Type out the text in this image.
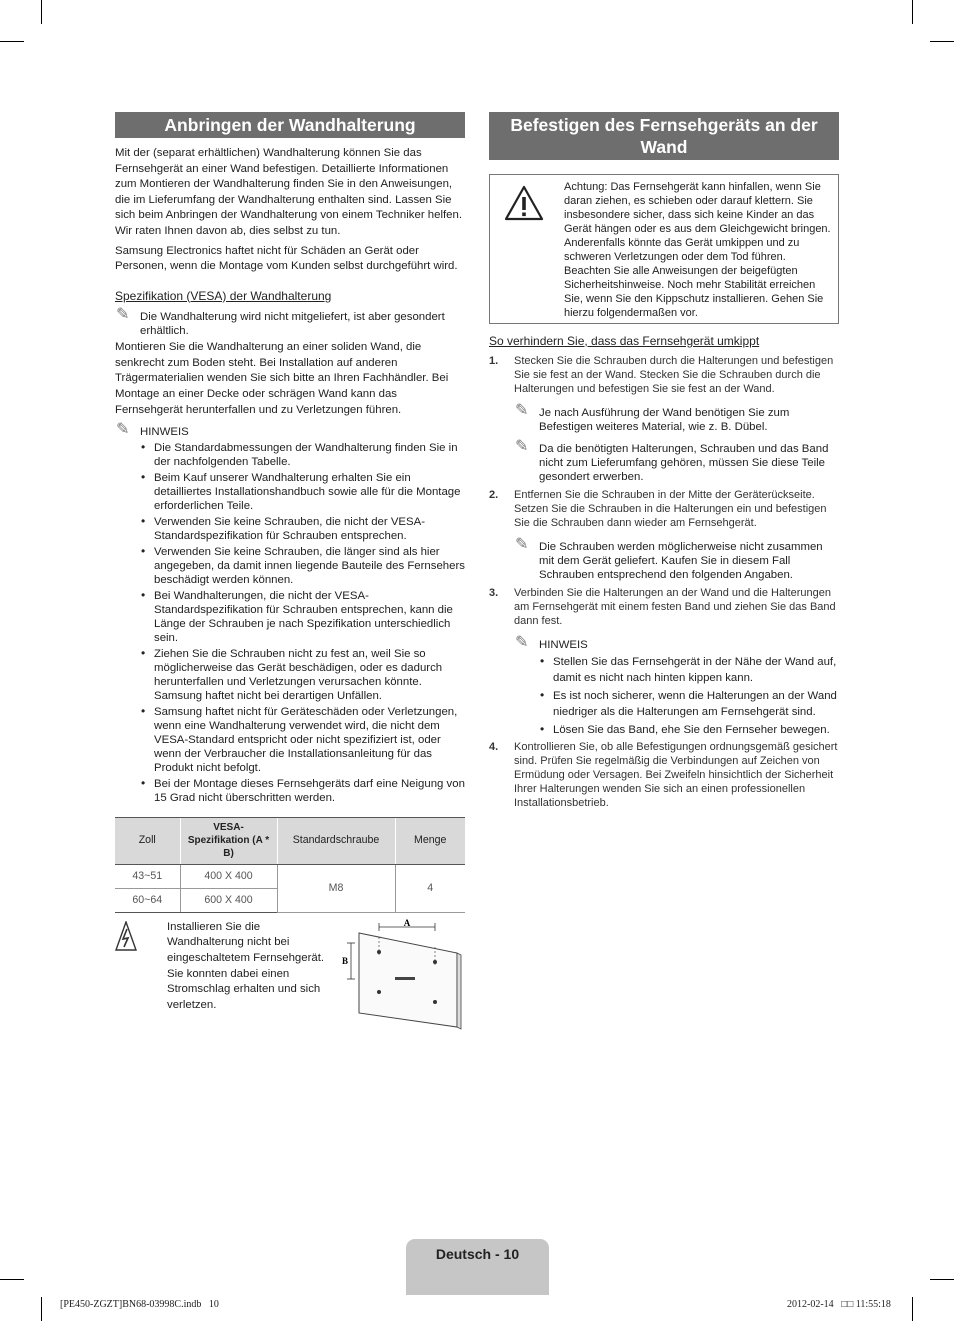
Anbringen der Wandhalterung
Mit der (separat erhältlichen) Wandhalterung können Sie das Fernsehgerät an einer Wand befestigen. Detaillierte Informationen zum Montieren der Wandhalterung finden Sie in den Anweisungen, die im Lieferumfang der Wandhalterung enthalten sind. Lassen Sie sich beim Anbringen der Wandhalterung von einem Techniker helfen. Wir raten Ihnen davon ab, dies selbst zu tun.
Samsung Electronics haftet nicht für Schäden an Gerät oder Personen, wenn die Montage vom Kunden selbst durchgeführt wird.
Spezifikation (VESA) der Wandhalterung
✎ Die Wandhalterung wird nicht mitgeliefert, ist aber gesondert erhältlich.
Montieren Sie die Wandhalterung an einer soliden Wand, die senkrecht zum Boden steht. Bei Installation auf anderen Trägermaterialien wenden Sie sich bitte an Ihren Fachhändler. Bei Montage an einer Decke oder schrägen Wand kann das Fernsehgerät herunterfallen und zu Verletzungen führen.
✎ HINWEIS
• Die Standardabmessungen der Wandhalterung finden Sie in der nachfolgenden Tabelle.
• Beim Kauf unserer Wandhalterung erhalten Sie ein detailliertes Installationshandbuch sowie alle für die Montage erforderlichen Teile.
• Verwenden Sie keine Schrauben, die nicht der VESA-Standardspezifikation für Schrauben entsprechen.
• Verwenden Sie keine Schrauben, die länger sind als hier angegeben, da damit innen liegende Bauteile des Fernsehers beschädigt werden können.
• Bei Wandhalterungen, die nicht der VESA-Standardspezifikation für Schrauben entsprechen, kann die Länge der Schrauben je nach Spezifikation unterschiedlich sein.
• Ziehen Sie die Schrauben nicht zu fest an, weil Sie so möglicherweise das Gerät beschädigen, oder es dadurch herunterfallen und Verletzungen verursachen könnte. Samsung haftet nicht bei derartigen Unfällen.
• Samsung haftet nicht für Geräteschäden oder Verletzungen, wenn eine Wandhalterung verwendet wird, die nicht dem VESA-Standard entspricht oder nicht spezifiziert ist, oder wenn der Verbraucher die Installationsanleitung für das Produkt nicht befolgt.
• Bei der Montage dieses Fernsehgeräts darf eine Neigung von 15 Grad nicht überschritten werden.
Zoll	VESA-Spezifikation (A * B)	Standardschraube	Menge
43~51	400 X 400	M8	4
60~64	600 X 400		
Installieren Sie die Wandhalterung nicht bei eingeschaltetem Fernsehgerät. Sie konnten dabei einen Stromschlag erhalten und sich verletzen.
A
B
Befestigen des Fernsehgeräts an der Wand
Achtung: Das Fernsehgerät kann hinfallen, wenn Sie daran ziehen, es schieben oder darauf klettern. Sie insbesondere sicher, dass sich keine Kinder an das Gerät hängen oder es aus dem Gleichgewicht bringen. Anderenfalls könnte das Gerät umkippen und zu schweren Verletzungen oder dem Tod führen. Beachten Sie alle Anweisungen der beigefügten Sicherheitshinweise. Noch mehr Stabilität erreichen Sie, wenn Sie den Kippschutz installieren. Gehen Sie hierzu folgendermaßen vor.
So verhindern Sie, dass das Fernsehgerät umkippt
1. Stecken Sie die Schrauben durch die Halterungen und befestigen Sie sie fest an der Wand. Stecken Sie die Schrauben durch die Halterungen und befestigen Sie sie fest an der Wand.
✎ Je nach Ausführung der Wand benötigen Sie zum Befestigen weiteres Material, wie z. B. Dübel.
✎ Da die benötigten Halterungen, Schrauben und das Band nicht zum Lieferumfang gehören, müssen Sie diese Teile gesondert erwerben.
2. Entfernen Sie die Schrauben in der Mitte der Geräterückseite. Setzen Sie die Schrauben in die Halterungen ein und befestigen Sie die Schrauben dann wieder am Fernsehgerät.
✎ Die Schrauben werden möglicherweise nicht zusammen mit dem Gerät geliefert. Kaufen Sie in diesem Fall Schrauben entsprechend den folgenden Angaben.
3. Verbinden Sie die Halterungen an der Wand und die Halterungen am Fernsehgerät mit einem festen Band und ziehen Sie das Band dann fest.
✎ HINWEIS
• Stellen Sie das Fernsehgerät in der Nähe der Wand auf, damit es nicht nach hinten kippen kann.
• Es ist noch sicherer, wenn die Halterungen an der Wand niedriger als die Halterungen am Fernsehgerät sind.
• Lösen Sie das Band, ehe Sie den Fernseher bewegen.
4. Kontrollieren Sie, ob alle Befestigungen ordnungsgemäß gesichert sind. Prüfen Sie regelmäßig die Verbindungen auf Zeichen von Ermüdung oder Versagen. Bei Zweifeln hinsichtlich der Sicherheit Ihrer Halterungen wenden Sie sich an einen professionellen Installationsbetrieb.
Deutsch - 10
[PE450-ZGZT]BN68-03998C.indb   10	2012-02-14   □□ 11:55:18
